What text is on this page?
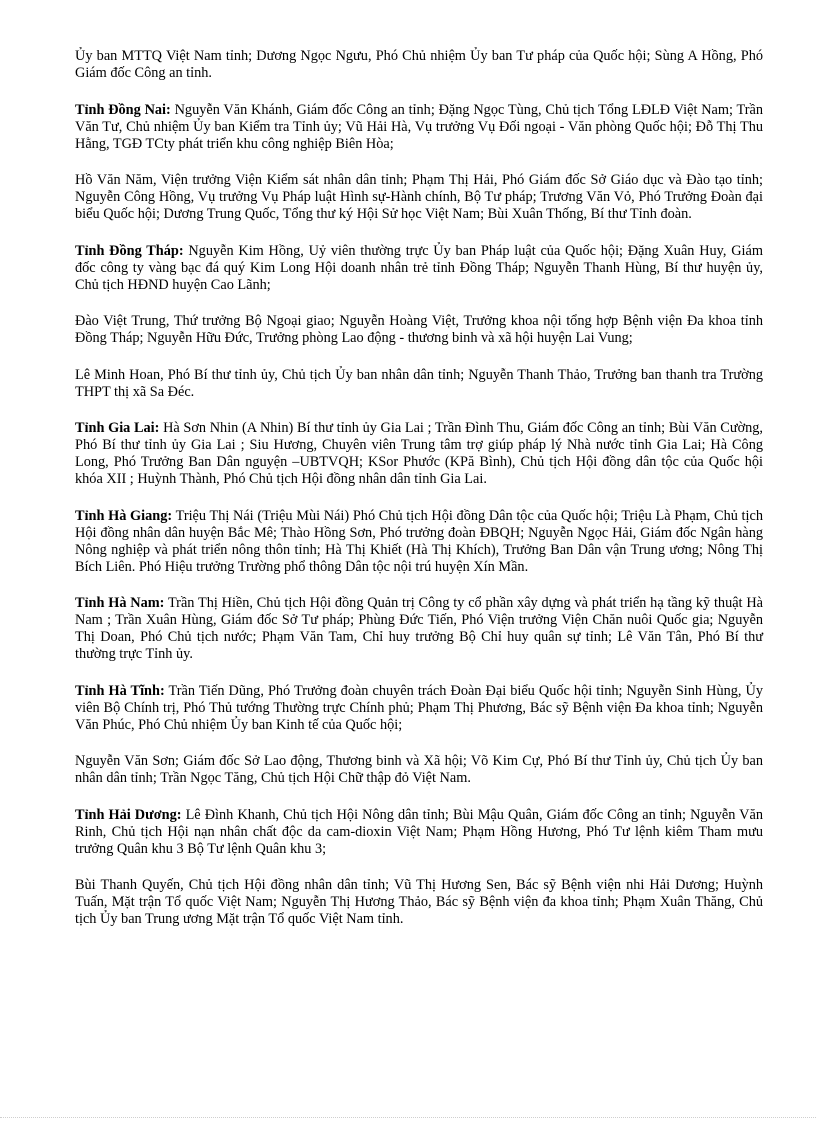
Ủy ban MTTQ Việt Nam tỉnh; Dương Ngọc Ngưu, Phó Chủ nhiệm Ủy ban Tư pháp của Quốc hội; Sùng A Hồng, Phó Giám đốc Công an tỉnh.

Tỉnh Đồng Nai: Nguyễn Văn Khánh, Giám đốc Công an tỉnh; Đặng Ngọc Tùng, Chủ tịch Tổng LĐLĐ Việt Nam; Trần Văn Tư, Chủ nhiệm Ủy ban Kiểm tra Tỉnh ủy; Vũ Hải Hà, Vụ trưởng Vụ Đối ngoại - Văn phòng Quốc hội; Đỗ Thị Thu Hằng, TGĐ TCty phát triển khu công nghiệp Biên Hòa;

Hồ Văn Năm, Viện trưởng Viện Kiểm sát nhân dân tỉnh; Phạm Thị Hải, Phó Giám đốc Sở Giáo dục và Đào tạo tỉnh; Nguyễn Công Hồng, Vụ trưởng Vụ Pháp luật Hình sự-Hành chính, Bộ Tư pháp; Trương Văn Vỏ, Phó Trưởng Đoàn đại biểu Quốc hội; Dương Trung Quốc, Tổng thư ký Hội Sử học Việt Nam; Bùi Xuân Thống, Bí thư Tỉnh đoàn.

Tỉnh Đồng Tháp: Nguyễn Kim Hồng, Uỷ viên thường trực Ủy ban Pháp luật của Quốc hội; Đặng Xuân Huy, Giám đốc công ty vàng bạc đá quý Kim Long Hội doanh nhân trẻ tỉnh Đồng Tháp; Nguyễn Thanh Hùng, Bí thư huyện ủy, Chủ tịch HĐND huyện Cao Lãnh;

Đào Việt Trung, Thứ trưởng Bộ Ngoại giao; Nguyễn Hoàng Việt, Trưởng khoa nội tổng hợp Bệnh viện Đa khoa tỉnh Đồng Tháp; Nguyễn Hữu Đức, Trưởng phòng Lao động - thương binh và xã hội huyện Lai Vung;

Lê Minh Hoan, Phó Bí thư tỉnh ủy, Chủ tịch Ủy ban nhân dân tỉnh; Nguyễn Thanh Thảo, Trưởng ban thanh tra Trường THPT thị xã Sa Đéc.

Tỉnh Gia Lai: Hà Sơn Nhin (A Nhin) Bí thư tỉnh ủy Gia Lai ; Trần Đình Thu, Giám đốc Công an tỉnh; Bùi Văn Cường, Phó Bí thư tỉnh ủy Gia Lai ; Siu Hương, Chuyên viên Trung tâm trợ giúp pháp lý Nhà nước tỉnh Gia Lai; Hà Công Long, Phó Trưởng Ban Dân nguyện –UBTVQH; KSor Phước (KPă Bình), Chủ tịch Hội đồng dân tộc của Quốc hội khóa XII ; Huỳnh Thành, Phó Chủ tịch Hội đồng nhân dân tỉnh Gia Lai.

Tỉnh Hà Giang: Triệu Thị Nái (Triệu Mùi Nái) Phó Chủ tịch Hội đồng Dân tộc của Quốc hội; Triệu Là Phạm, Chủ tịch Hội đồng nhân dân huyện Bắc Mê; Thào Hồng Sơn, Phó trưởng đoàn ĐBQH; Nguyễn Ngọc Hải, Giám đốc Ngân hàng Nông nghiệp và phát triển nông thôn tỉnh; Hà Thị Khiết (Hà Thị Khích), Trưởng Ban Dân vận Trung ương; Nông Thị Bích Liên. Phó Hiệu trưởng Trường phổ thông Dân tộc nội trú huyện Xín Mần.

Tỉnh Hà Nam: Trần Thị Hiền, Chủ tịch Hội đồng Quản trị Công ty cổ phần xây dựng và phát triển hạ tầng kỹ thuật Hà Nam ; Trần Xuân Hùng, Giám đốc Sở Tư pháp; Phùng Đức Tiến, Phó Viện trưởng Viện Chăn nuôi Quốc gia; Nguyễn Thị Doan, Phó Chủ tịch nước; Phạm Văn Tam, Chỉ huy trưởng Bộ Chỉ huy quân sự tỉnh; Lê Văn Tân, Phó Bí thư thường trực Tỉnh ủy.

Tỉnh Hà Tĩnh: Trần Tiến Dũng, Phó Trưởng đoàn chuyên trách Đoàn Đại biểu Quốc hội tỉnh; Nguyễn Sinh Hùng, Ủy viên Bộ Chính trị, Phó Thủ tướng Thường trực Chính phủ; Phạm Thị Phương, Bác sỹ Bệnh viện Đa khoa tỉnh; Nguyễn Văn Phúc, Phó Chủ nhiệm Ủy ban Kinh tế của Quốc hội;

Nguyễn Văn Sơn; Giám đốc Sở Lao động, Thương binh và Xã hội; Võ Kim Cự, Phó Bí thư Tỉnh ủy, Chủ tịch Ủy ban nhân dân tỉnh; Trần Ngọc Tăng, Chủ tịch Hội Chữ thập đỏ Việt Nam.

Tỉnh Hải Dương: Lê Đình Khanh, Chủ tịch Hội Nông dân tỉnh; Bùi Mậu Quân, Giám đốc Công an tỉnh; Nguyễn Văn Rinh, Chủ tịch Hội nạn nhân chất độc da cam-dioxin Việt Nam; Phạm Hồng Hương, Phó Tư lệnh kiêm Tham mưu trưởng Quân khu 3 Bộ Tư lệnh Quân khu 3;

Bùi Thanh Quyến, Chủ tịch Hội đồng nhân dân tỉnh; Vũ Thị Hương Sen, Bác sỹ Bệnh viện nhi Hải Dương; Huỳnh Tuấn, Mặt trận Tổ quốc Việt Nam; Nguyễn Thị Hương Thảo, Bác sỹ Bệnh viện đa khoa tỉnh; Phạm Xuân Thăng, Chủ tịch Ủy ban Trung ương Mặt trận Tổ quốc Việt Nam tỉnh.
